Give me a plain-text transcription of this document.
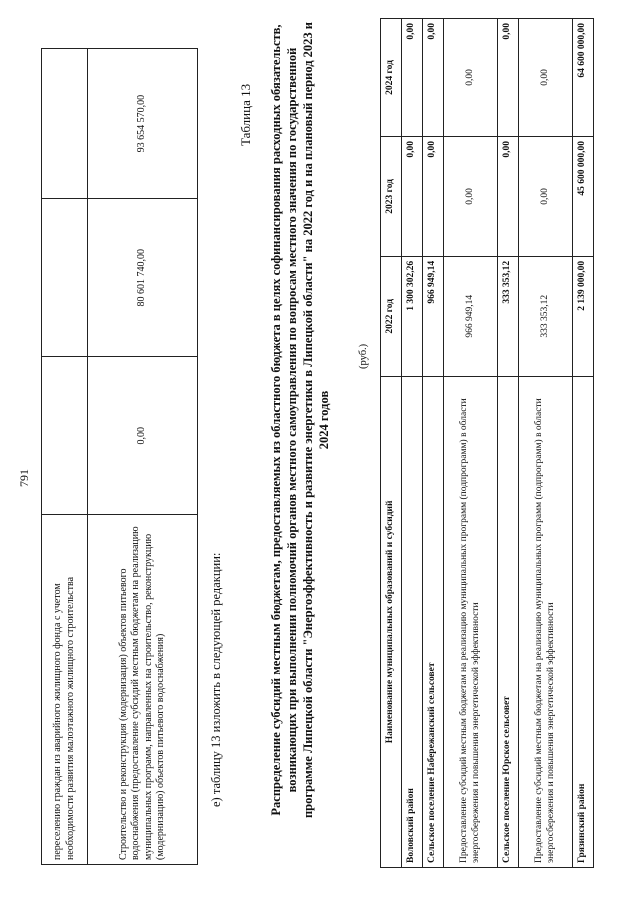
791
переселению граждан из аварийного жилищного фонда с учетом необходимости развития малоэтажного жилищного строительства			
Строительство и реконструкция (модернизация) объектов питьевого водоснабжения (предоставление субсидий местным бюджетам на реализацию муниципальных программ, направленных на строительство, реконструкцию (модернизацию) объектов питьевого водоснабжения)	0,00	80 601 740,00	93 654 570,00
е) таблицу 13 изложить в следующей редакции:
Таблица 13 Распределение субсидий местным бюджетам, предоставляемых из областного бюджета в целях софинансирования расходных обязательств, возникающих при выполнении полномочий органов местного самоуправления по вопросам местного значения по государственной программе Липецкой области "Энергоэффективность и развитие энергетики в Липецкой области" на 2022 год и на плановый период 2023 и 2024 годов
(руб.)
Наименование муниципальных образований и субсидий	2022 год	2023 год	2024 год
Воловский район	1 300 302,26	0,00	0,00
Сельское поселение Набережанский сельсовет	966 949,14	0,00	0,00
Предоставление субсидий местным бюджетам на реализацию муниципальных программ (подпрограмм) в области энергосбережения и повышения энергетической эффективности	966 949,14	0,00	0,00
Сельское поселение Юрское сельсовет	333 353,12	0,00	0,00
Предоставление субсидий местным бюджетам на реализацию муниципальных программ (подпрограмм) в области энергосбережения и повышения энергетической эффективности	333 353,12	0,00	0,00
Грязинский район	2 139 000,00	45 600 000,00	64 600 000,00
